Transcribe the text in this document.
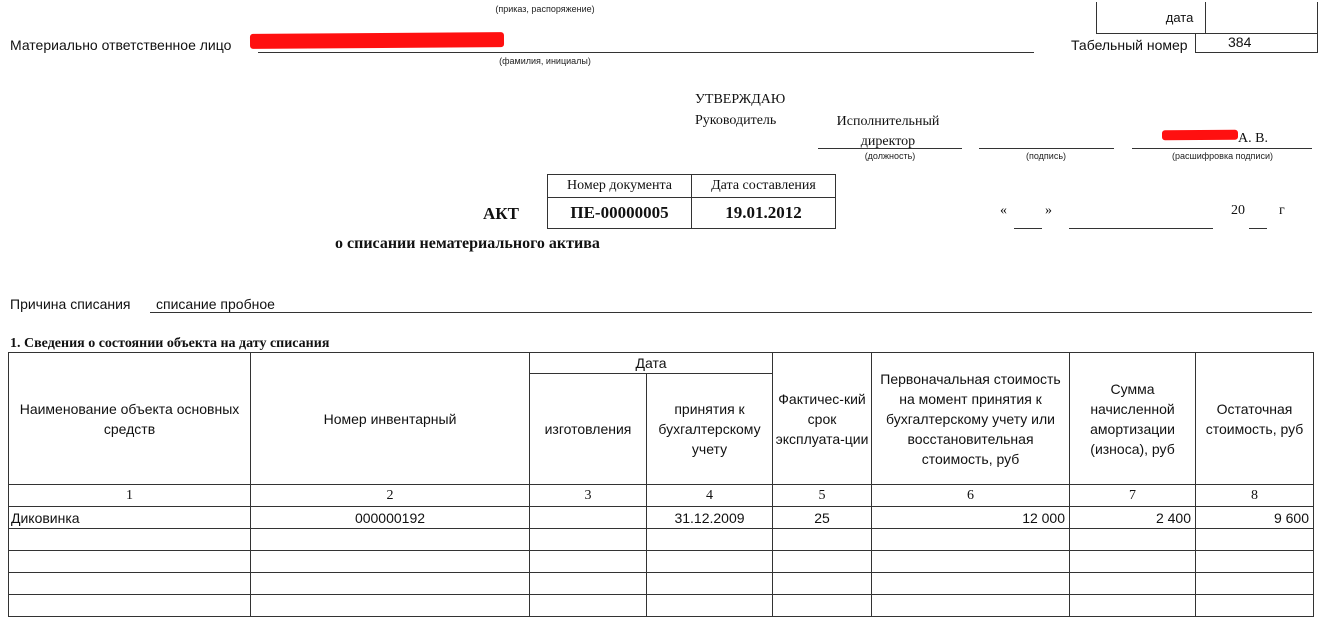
(приказ, распоряжение)
дата	
Материально ответственное лицо
(фамилия, инициалы)
Табельный номер	384
УТВЕРЖДАЮ
Руководитель	Исполнительный
директор	А. В.
(должность)	(подпись)	(расшифровка подписи)
«	»	20 г
АКТ
Номер документа	Дата составления
ПЕ-00000005	19.01.2012
о списании нематериального актива
Причина списания списание пробное
1. Сведения о состоянии объекта на дату списания
Наименование объекта основных средств	Номер инвентарный	Дата		Фактичес-кий срок эксплуата-ции	Первоначальная стоимость на момент принятия к бухгалтерскому учету или восстановительная стоимость, руб	Сумма начисленной амортизации (износа), руб	Остаточная стоимость, руб
		изготовления	принятия к бухгалтерскому учету				
1	2	3	4	5	6	7	8
Диковинка	000000192		31.12.2009	25	12 000	2 400	9 600
